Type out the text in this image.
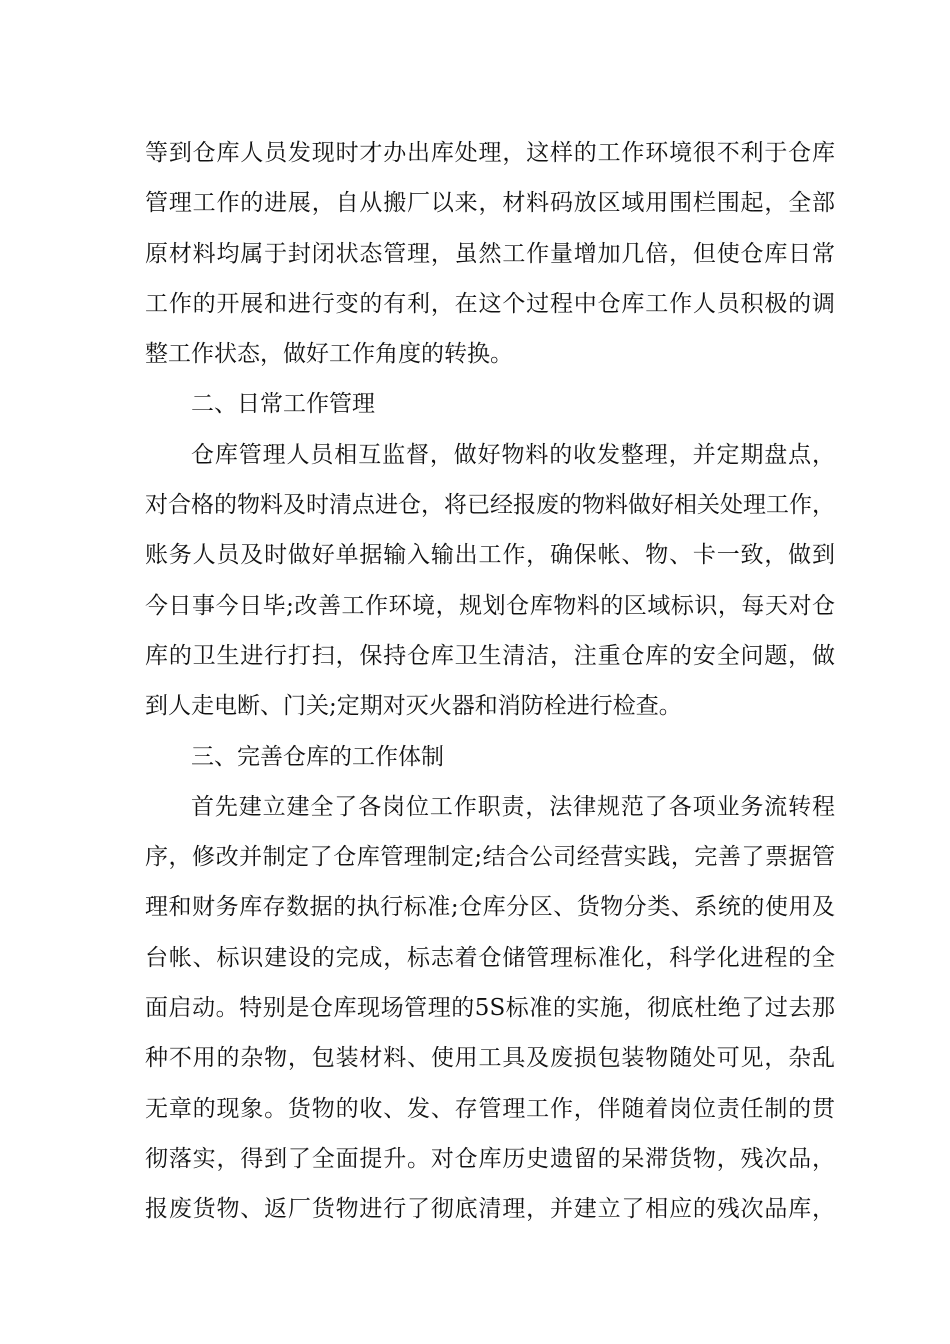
等到仓库人员发现时才办出库处理，这样的工作环境很不利于仓库
管理工作的进展，自从搬厂以来，材料码放区域用围栏围起，全部
原材料均属于封闭状态管理，虽然工作量增加几倍，但使仓库日常
工作的开展和进行变的有利，在这个过程中仓库工作人员积极的调
整工作状态，做好工作角度的转换。
二、日常工作管理
仓库管理人员相互监督，做好物料的收发整理，并定期盘点，
对合格的物料及时清点进仓，将已经报废的物料做好相关处理工作，
账务人员及时做好单据输入输出工作，确保帐、物、卡一致，做到
今日事今日毕;改善工作环境，规划仓库物料的区域标识，每天对仓
库的卫生进行打扫，保持仓库卫生清洁，注重仓库的安全问题，做
到人走电断、门关;定期对灭火器和消防栓进行检查。
三、完善仓库的工作体制
首先建立建全了各岗位工作职责，法律规范了各项业务流转程
序，修改并制定了仓库管理制定;结合公司经营实践，完善了票据管
理和财务库存数据的执行标准;仓库分区、货物分类、系统的使用及
台帐、标识建设的完成，标志着仓储管理标准化，科学化进程的全
面启动。特别是仓库现场管理的5S标准的实施，彻底杜绝了过去那
种不用的杂物，包装材料、使用工具及废损包装物随处可见，杂乱
无章的现象。货物的收、发、存管理工作，伴随着岗位责任制的贯
彻落实，得到了全面提升。对仓库历史遗留的呆滞货物，残次品，
报废货物、返厂货物进行了彻底清理，并建立了相应的残次品库，
